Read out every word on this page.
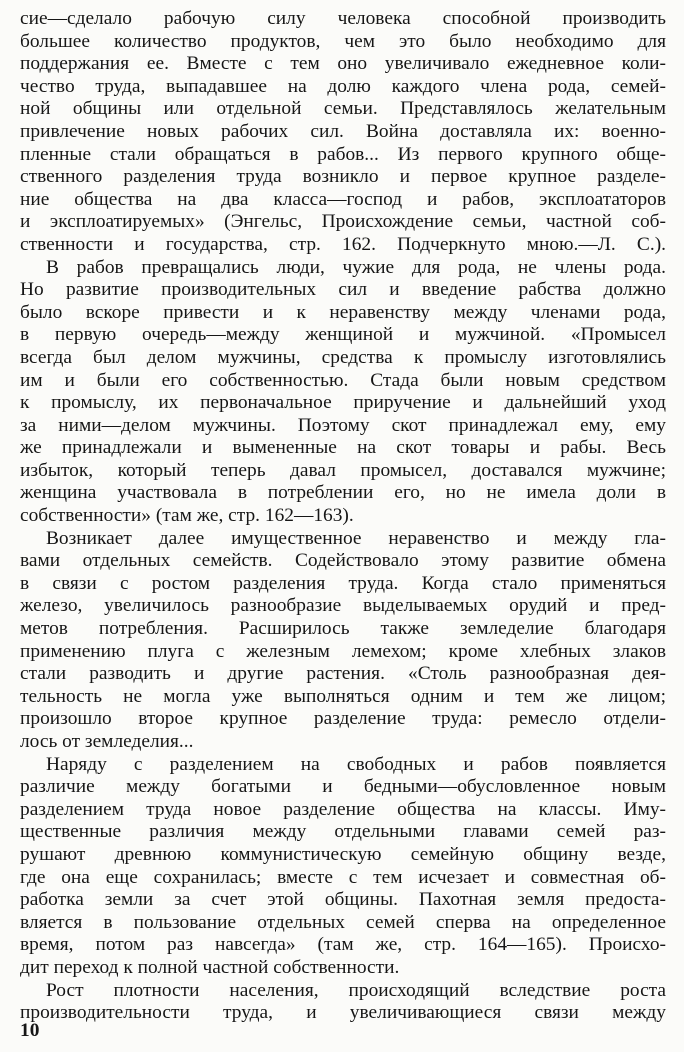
сие—сделало рабочую силу человека способной производить
большее количество продуктов, чем это было необходимо для
поддержания ее. Вместе с тем оно увеличивало ежедневное коли-
чество труда, выпадавшее на долю каждого члена рода, семей-
ной общины или отдельной семьи. Представлялось желательным
привлечение новых рабочих сил. Война доставляла их: военно-
пленные стали обращаться в рабов... Из первого крупного обще-
ственного разделения труда возникло и первое крупное разделе-
ние общества на два класса—господ и рабов, эксплоататоров
и эксплоатируемых» (Энгельс, Происхождение семьи, частной соб-
ственности и государства, стр. 162. Подчеркнуто мною.—Л. С.).
В рабов превращались люди, чужие для рода, не члены рода.
Но развитие производительных сил и введение рабства должно
было вскоре привести и к неравенству между членами рода,
в первую очередь—между женщиной и мужчиной. «Промысел
всегда был делом мужчины, средства к промыслу изготовлялись
им и были его собственностью. Стада были новым средством
к промыслу, их первоначальное приручение и дальнейший уход
за ними—делом мужчины. Поэтому скот принадлежал ему, ему
же принадлежали и вымененные на скот товары и рабы. Весь
избыток, который теперь давал промысел, доставался мужчине;
женщина участвовала в потреблении его, но не имела доли в
собственности» (там же, стр. 162—163).
Возникает далее имущественное неравенство и между гла-
вами отдельных семейств. Содействовало этому развитие обмена
в связи с ростом разделения труда. Когда стало применяться
железо, увеличилось разнообразие выделываемых орудий и пред-
метов потребления. Расширилось также земледелие благодаря
применению плуга с железным лемехом; кроме хлебных злаков
стали разводить и другие растения. «Столь разнообразная дея-
тельность не могла уже выполняться одним и тем же лицом;
произошло второе крупное разделение труда: ремесло отдели-
лось от земледелия...
Наряду с разделением на свободных и рабов появляется
различие между богатыми и бедными—обусловленное новым
разделением труда новое разделение общества на классы. Иму-
щественные различия между отдельными главами семей раз-
рушают древнюю коммунистическую семейную общину везде,
где она еще сохранилась; вместе с тем исчезает и совместная об-
работка земли за счет этой общины. Пахотная земля предоста-
вляется в пользование отдельных семей сперва на определенное
время, потом раз навсегда» (там же, стр. 164—165). Происхо-
дит переход к полной частной собственности.
Рост плотности населения, происходящий вследствие роста
производительности труда, и увеличивающиеся связи между
10
